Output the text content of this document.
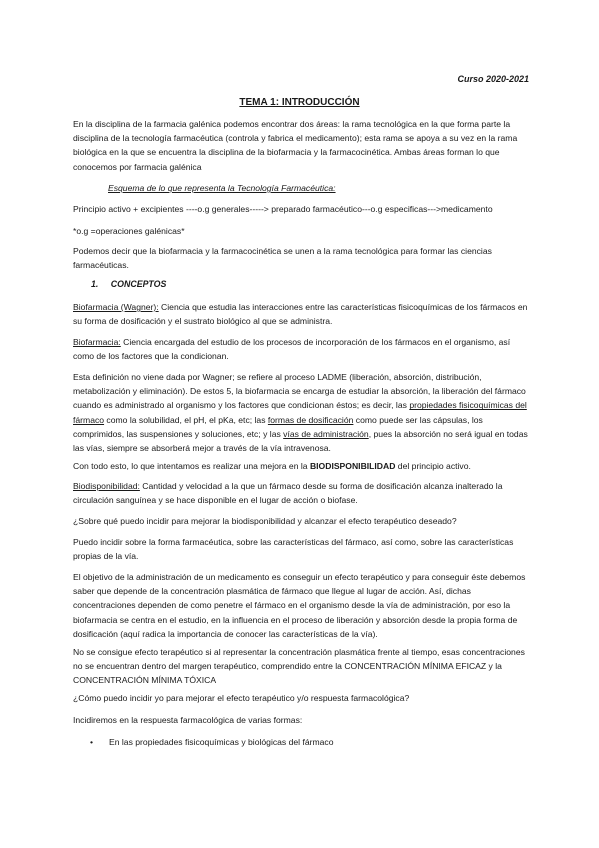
Curso 2020-2021
TEMA 1: INTRODUCCIÓN

En la disciplina de la farmacia galénica podemos encontrar dos áreas: la rama tecnológica en la que forma parte la disciplina de la tecnología farmacéutica (controla y fabrica el medicamento); esta rama se apoya a su vez en la rama biológica en la que se encuentra la disciplina de la biofarmacia y la farmacocinética. Ambas áreas forman lo que conocemos por farmacia galénica

Esquema de lo que representa la Tecnología Farmacéutica:

Principio activo + excipientes ----o.g generales-----> preparado farmacéutico---o.g especificas--->medicamento

*o.g =operaciones galénicas*

Podemos decir que la biofarmacia y la farmacocinética se unen a la rama tecnológica para formar las ciencias farmacéuticas.

1. CONCEPTOS

Biofarmacia (Wagner): Ciencia que estudia las interacciones entre las características fisicoquímicas de los fármacos en su forma de dosificación y el sustrato biológico al que se administra.

Biofarmacia: Ciencia encargada del estudio de los procesos de incorporación de los fármacos en el organismo, así como de los factores que la condicionan.

Esta definición no viene dada por Wagner; se refiere al proceso LADME (liberación, absorción, distribución, metabolización y eliminación). De estos 5, la biofarmacia se encarga de estudiar la absorción, la liberación del fármaco cuando es administrado al organismo y los factores que condicionan éstos; es decir, las propiedades fisicoquímicas del fármaco como la solubilidad, el pH, el pKa, etc; las formas de dosificación como puede ser las cápsulas, los comprimidos, las suspensiones y soluciones, etc; y las vías de administración, pues la absorción no será igual en todas las vías, siempre se absorberá mejor a través de la vía intravenosa.

Con todo esto, lo que intentamos es realizar una mejora en la BIODISPONIBILIDAD del principio activo.

Biodisponibilidad: Cantidad y velocidad a la que un fármaco desde su forma de dosificación alcanza inalterado la circulación sanguínea y se hace disponible en el lugar de acción o biofase.

¿Sobre qué puedo incidir para mejorar la biodisponibilidad y alcanzar el efecto terapéutico deseado?

Puedo incidir sobre la forma farmacéutica, sobre las características del fármaco, así como, sobre las características propias de la vía.

El objetivo de la administración de un medicamento es conseguir un efecto terapéutico y para conseguir éste debemos saber que depende de la concentración plasmática de fármaco que llegue al lugar de acción. Así, dichas concentraciones dependen de como penetre el fármaco en el organismo desde la vía de administración, por eso la biofarmacia se centra en el estudio, en la influencia en el proceso de liberación y absorción desde la propia forma de dosificación (aquí radica la importancia de conocer las características de la vía).

No se consigue efecto terapéutico si al representar la concentración plasmática frente al tiempo, esas concentraciones no se encuentran dentro del margen terapéutico, comprendido entre la CONCENTRACIÓN MÍNIMA EFICAZ y la CONCENTRACIÓN MÍNIMA TÓXICA

¿Cómo puedo incidir yo para mejorar el efecto terapéutico y/o respuesta farmacológica?

Incidiremos en la respuesta farmacológica de varias formas:

• En las propiedades fisicoquímicas y biológicas del fármaco
